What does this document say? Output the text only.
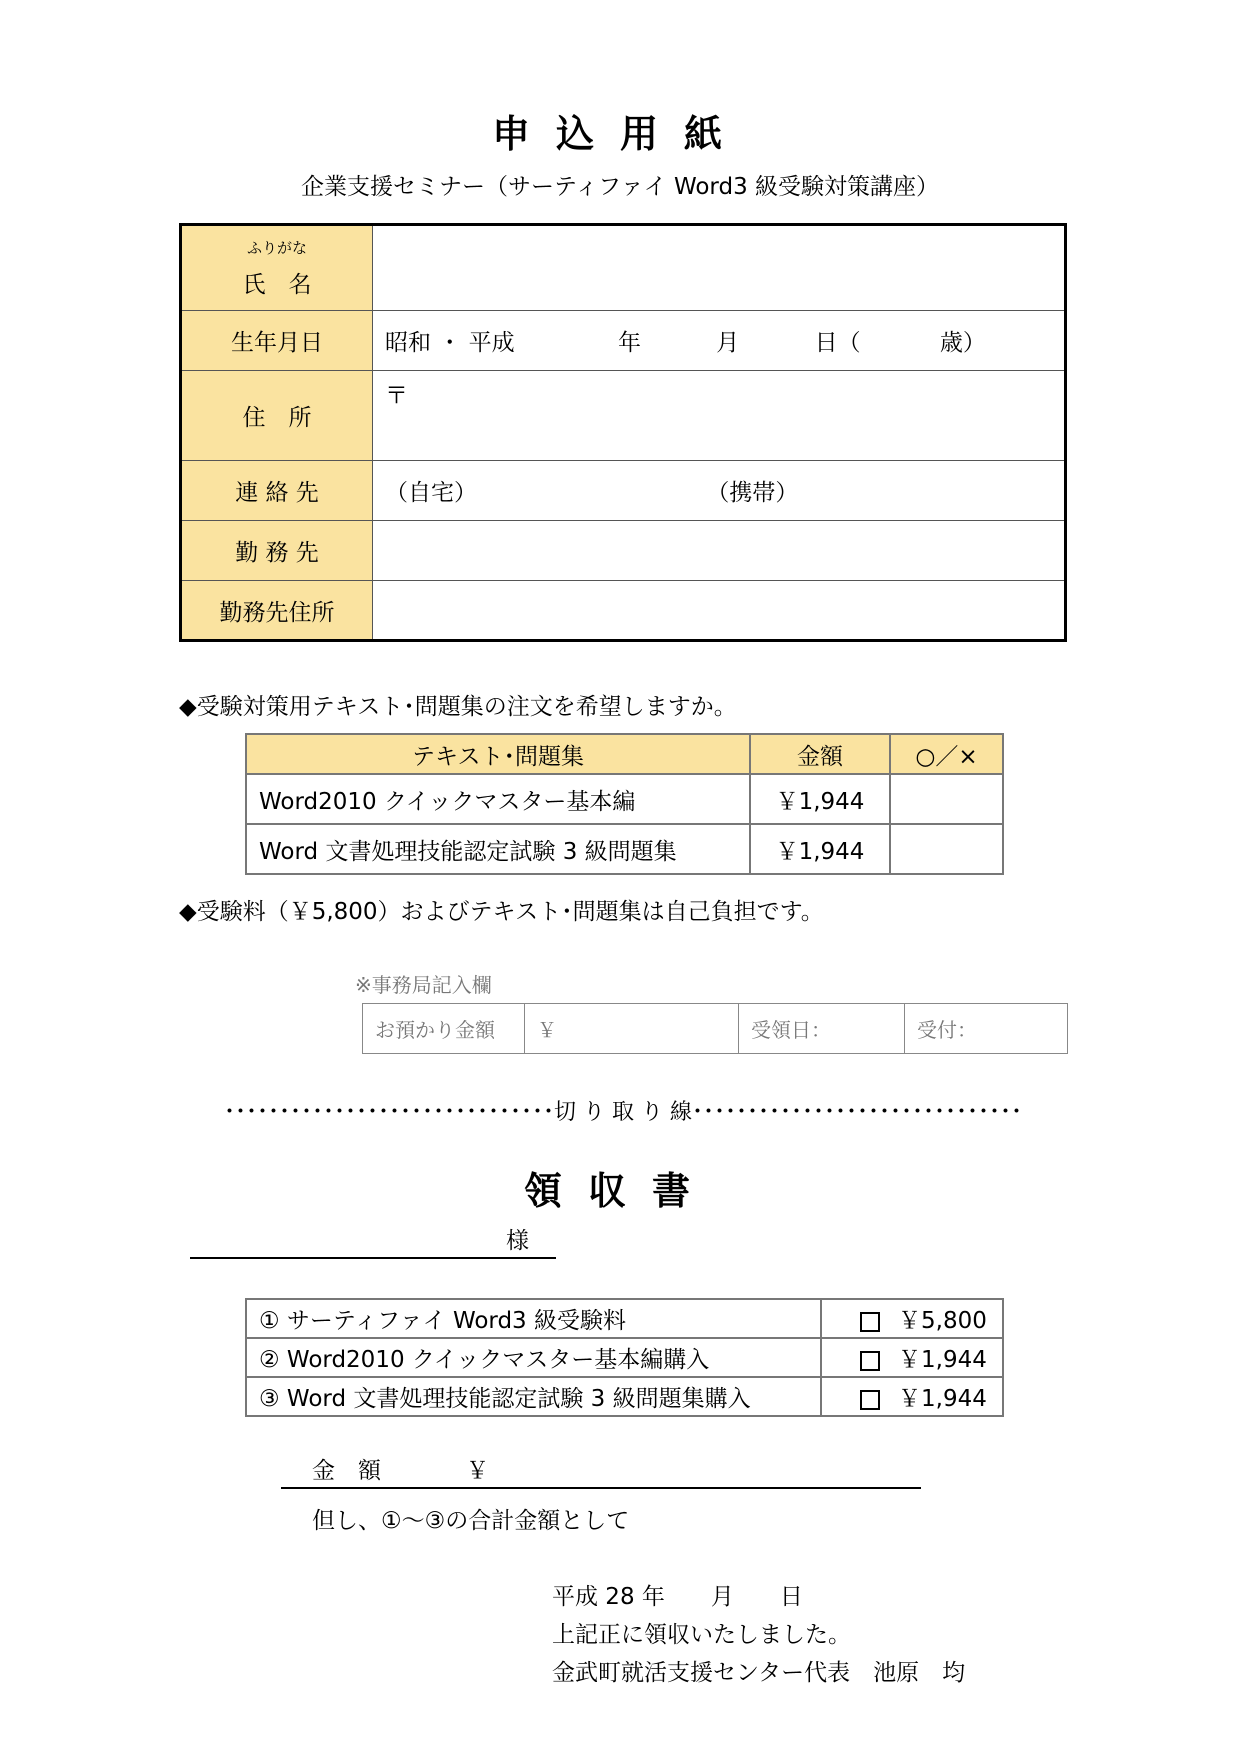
申込用紙
企業支援セミナー（サーティファイ Word3 級受験対策講座）
ふりがな
氏　名	

生年月日	昭和 ・ 平成 年 月 日（ 歳）
住　所	〒
連 絡 先	（自宅） （携帯）
勤 務 先	
勤務先住所	
◆受験対策用テキスト･問題集の注文を希望しますか。
テキスト･問題集	金額	○／×
Word2010 クイックマスター基本編	￥1,944	
Word 文書処理技能認定試験 3 級問題集	￥1,944	
◆受験料（￥5,800）およびテキスト･問題集は自己負担です。
※事務局記入欄
お預かり金額	￥	受領日：	受付：
･･････････････････････････････切 り 取 り 線･･････････････････････････････
領収書
様
① サーティファイ Word3 級受験料	￥5,800
② Word2010 クイックマスター基本編購入	￥1,944
③ Word 文書処理技能認定試験 3 級問題集購入	￥1,944
金　額	￥
但し、①～③の合計金額として
平成 28 年　　月　　日
上記正に領収いたしました。
金武町就活支援センター代表　池原　均
